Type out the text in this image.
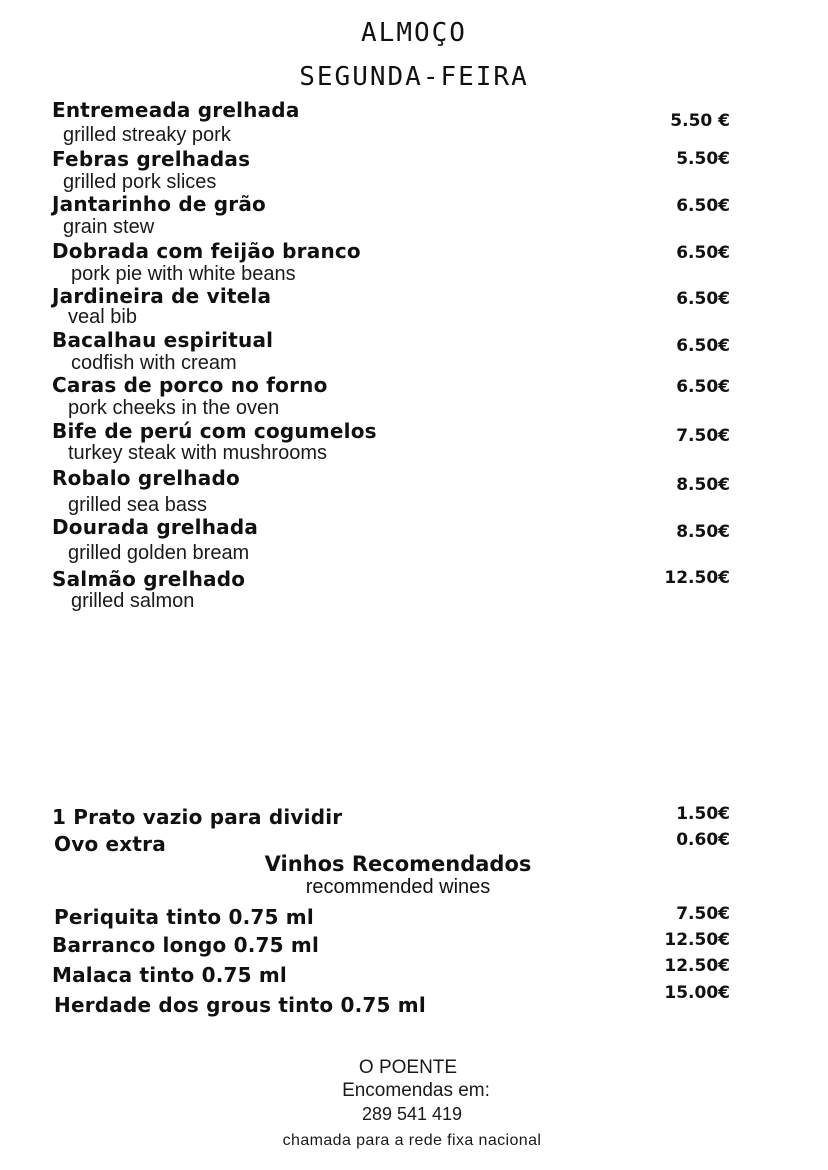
ALMOÇO
SEGUNDA-FEIRA
Entremeada grelhada
grilled streaky pork
5.50 €
Febras grelhadas
grilled pork slices
5.50€
Jantarinho de grão
grain stew
6.50€
Dobrada com feijão branco
pork pie with white beans
6.50€
Jardineira de vitela
veal bib
6.50€
Bacalhau espiritual
codfish with cream
6.50€
Caras de porco no forno
pork cheeks in the oven
6.50€
Bife de perú com cogumelos
turkey steak with mushrooms
7.50€
Robalo grelhado
grilled sea bass
8.50€
Dourada grelhada
grilled golden bream
8.50€
Salmão grelhado
grilled salmon
12.50€
1 Prato vazio para dividir	1.50€
Ovo extra	0.60€
Vinhos Recomendados
recommended wines
Periquita tinto 0.75 ml	7.50€
Barranco longo 0.75 ml	12.50€
Malaca tinto 0.75 ml	12.50€
Herdade dos grous tinto 0.75 ml	15.00€
O POENTE
Encomendas em:
289 541 419
chamada para a rede fixa nacional
